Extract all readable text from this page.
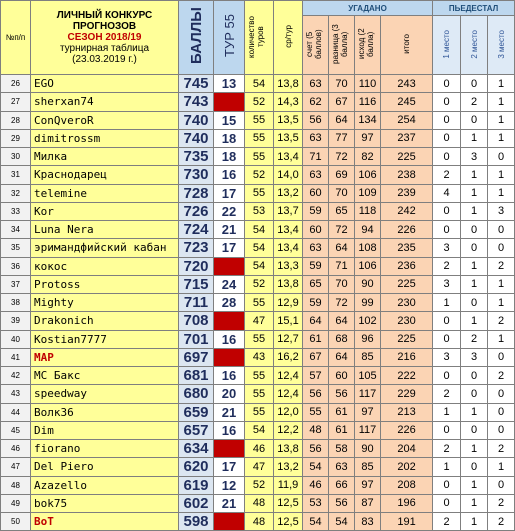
№п/п	ЛИЧНЫЙ КОНКУРС
ПРОГНОЗОВ
СЕЗОН 2018/19
турнирная таблица
(23.03.2019 г.)	БАЛЛЫ	ТУР 55	количество туров	ср/тур	УГАДАНО				ПЬЕДЕСТАЛ		
						счет (5 баллов)	разница (3 балла)	исход (2 балла)	итого	1 место	2 место	3 место
26	EGO	745	13	54	13,8	63	70	110	243	0	0	1
27	sherxan74	743		52	14,3	62	67	116	245	0	2	1
28	ConQveroR	740	15	55	13,5	56	64	134	254	0	0	1
29	dimitrossm	740	18	55	13,5	63	77	97	237	0	1	1
30	Милка	735	18	55	13,4	71	72	82	225	0	3	0
31	Краснодарец	730	16	52	14,0	63	69	106	238	2	1	1
32	telemine	728	17	55	13,2	60	70	109	239	4	1	1
33	Kor	726	22	53	13,7	59	65	118	242	0	1	3
34	Luna Nera	724	21	54	13,4	60	72	94	226	0	0	0
35	эримандфийский кабан	723	17	54	13,4	63	64	108	235	3	0	0
36	кокос	720		54	13,3	59	71	106	236	2	1	2
37	Protoss	715	24	52	13,8	65	70	90	225	3	1	1
38	Mighty	711	28	55	12,9	59	72	99	230	1	0	1
39	Drakonich	708		47	15,1	64	64	102	230	0	1	2
40	Kostian7777	701	16	55	12,7	61	68	96	225	0	2	1
41	MAP	697		43	16,2	67	64	85	216	3	3	0
42	MC Бакс	681	16	55	12,4	57	60	105	222	0	0	2
43	speedway	680	20	55	12,4	56	56	117	229	2	0	0
44	Волк36	659	21	55	12,0	55	61	97	213	1	1	0
45	Dim	657	16	54	12,2	48	61	117	226	0	0	0
46	fiorano	634		46	13,8	56	58	90	204	2	1	2
47	Del Piero	620	17	47	13,2	54	63	85	202	1	0	1
48	Azazello	619	12	52	11,9	46	66	97	208	0	1	0
49	bok75	602	21	48	12,5	53	56	87	196	0	1	2
50	BoT	598		48	12,5	54	54	83	191	2	1	2
